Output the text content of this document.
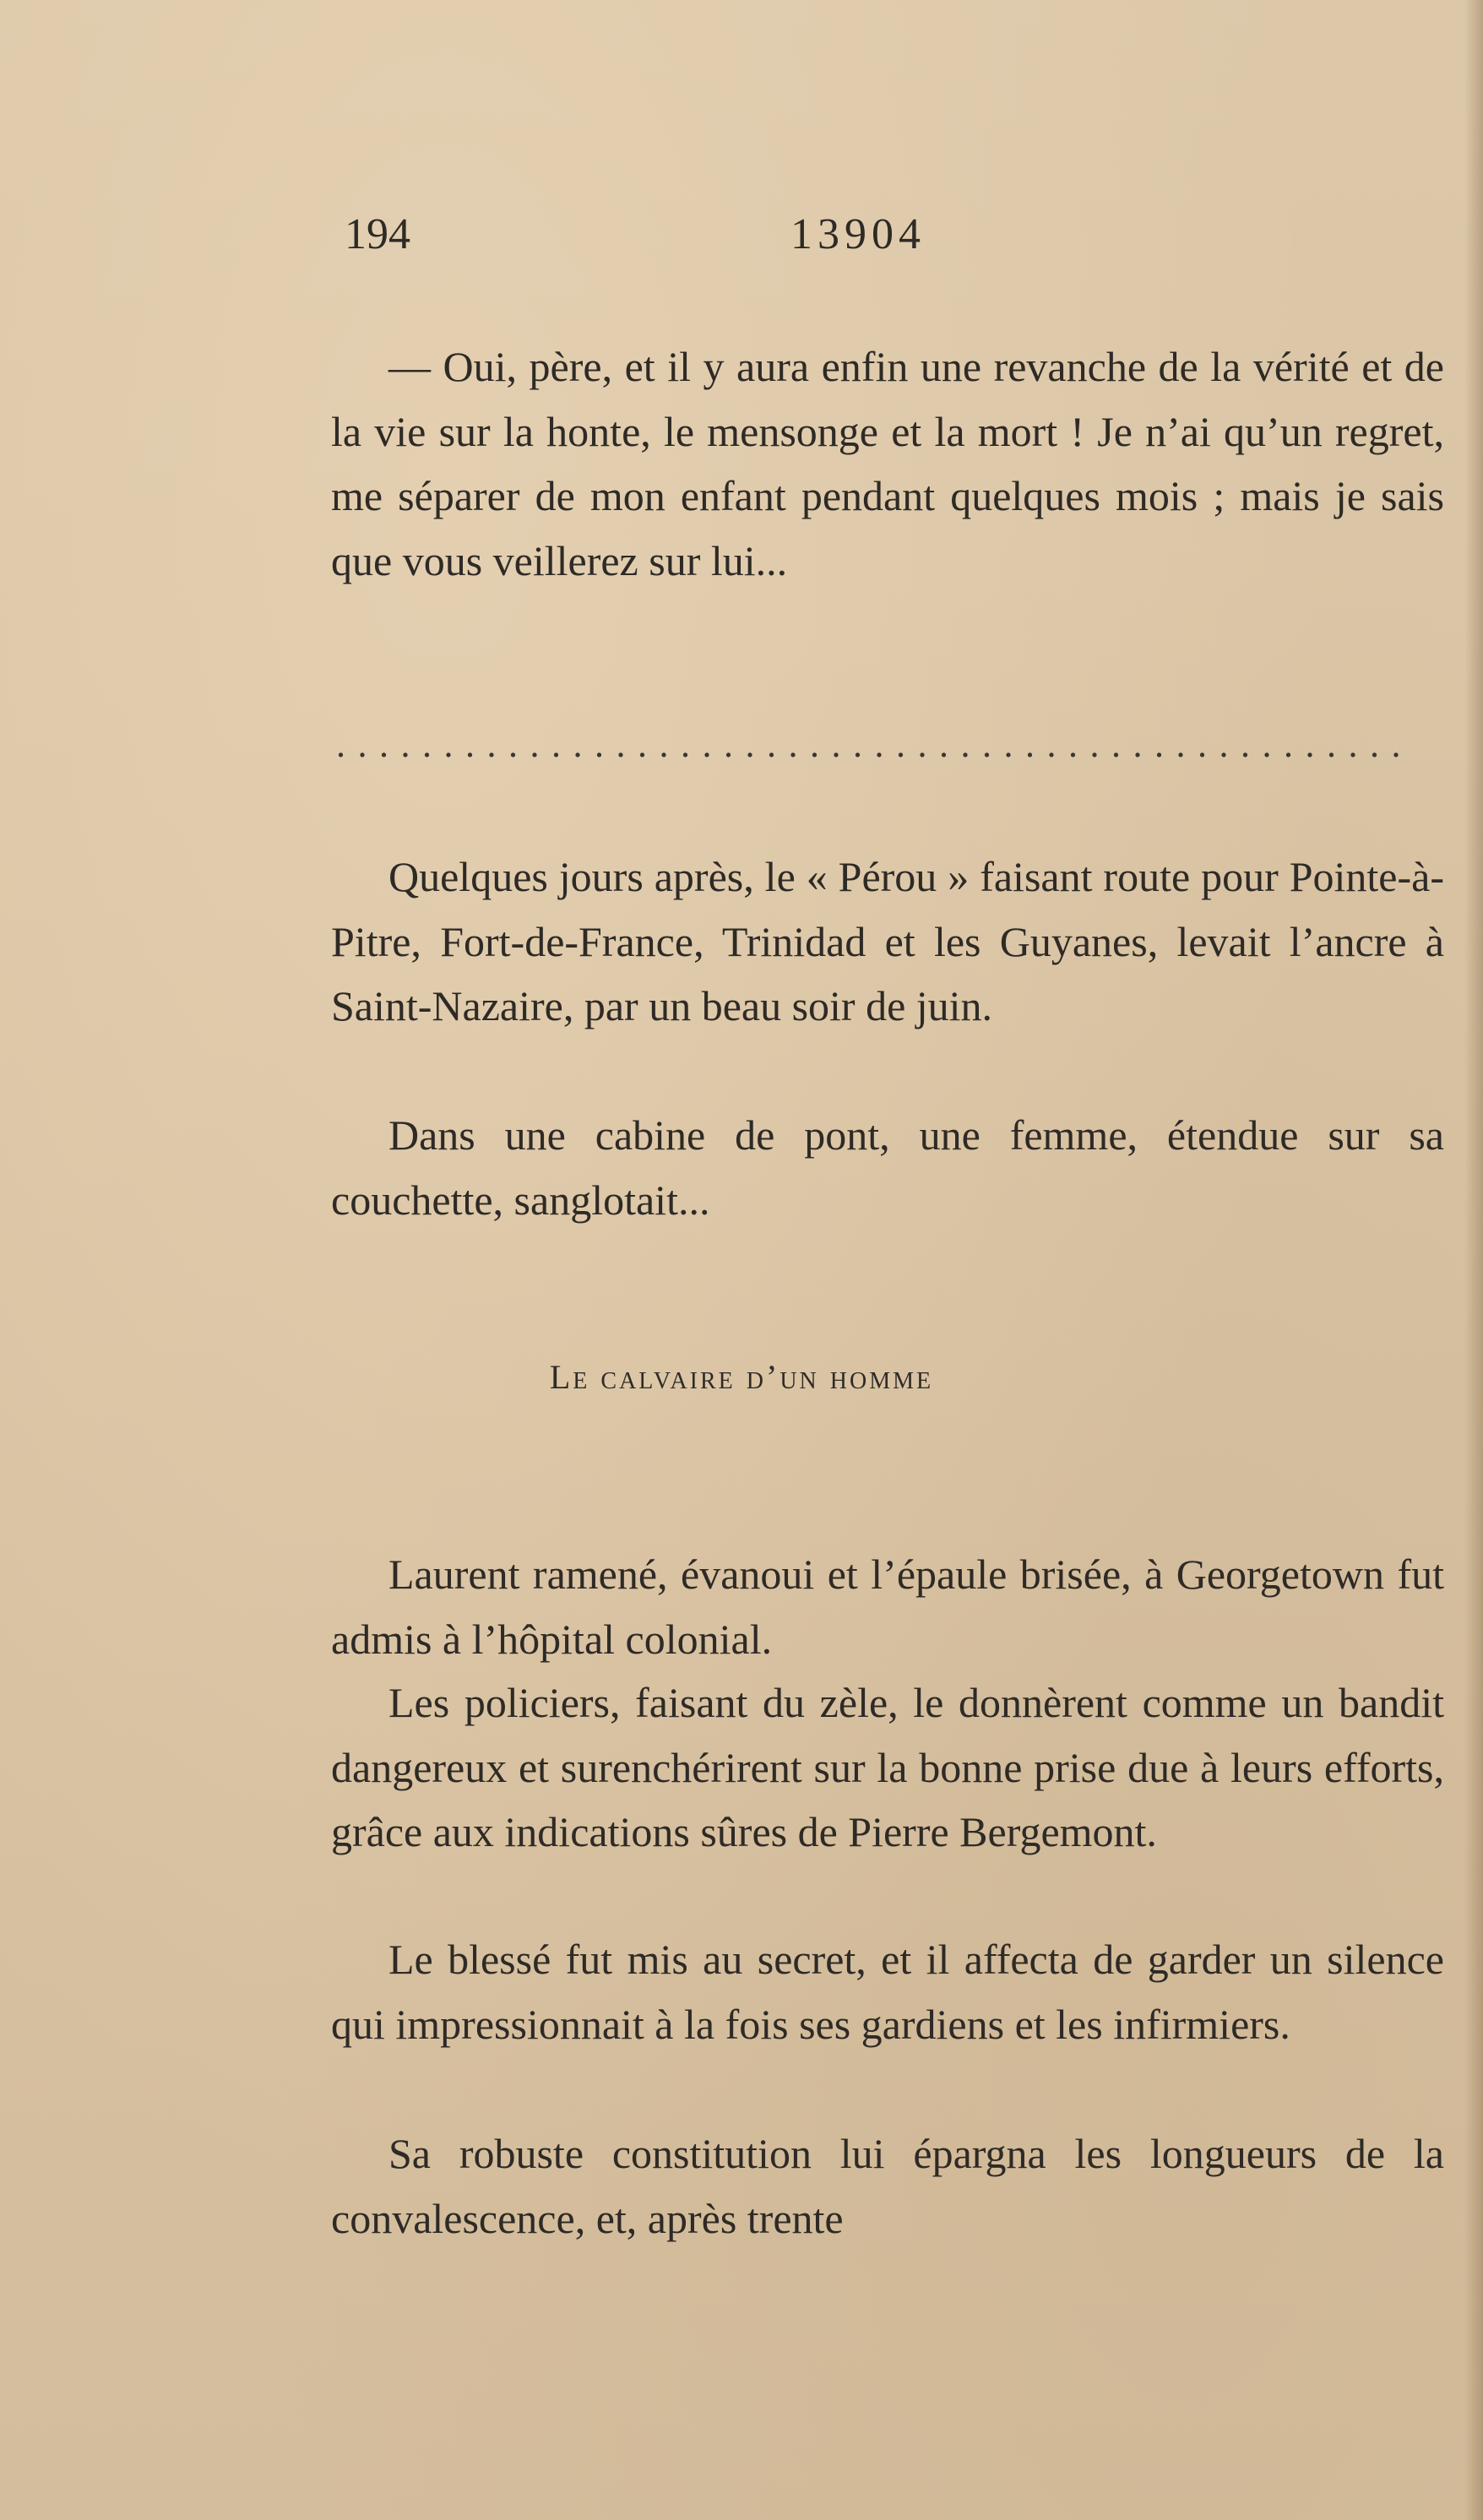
194	13904

— Oui, père, et il y aura enfin une revanche de la vérité et de la vie sur la honte, le mensonge et la mort ! Je n’ai qu’un regret, me séparer de mon enfant pendant quelques mois ; mais je sais que vous veillerez sur lui...

..................................................

Quelques jours après, le « Pérou » faisant route pour Pointe-à-Pitre, Fort-de-France, Trinidad et les Guyanes, levait l’ancre à Saint-Nazaire, par un beau soir de juin.

Dans une cabine de pont, une femme, étendue sur sa couchette, sanglotait...

Le calvaire d’un homme

Laurent ramené, évanoui et l’épaule brisée, à Georgetown fut admis à l’hôpital colonial.

Les policiers, faisant du zèle, le donnèrent comme un bandit dangereux et surenchérirent sur la bonne prise due à leurs efforts, grâce aux indications sûres de Pierre Bergemont.

Le blessé fut mis au secret, et il affecta de garder un silence qui impressionnait à la fois ses gardiens et les infirmiers.

Sa robuste constitution lui épargna les longueurs de la convalescence, et, après trente
